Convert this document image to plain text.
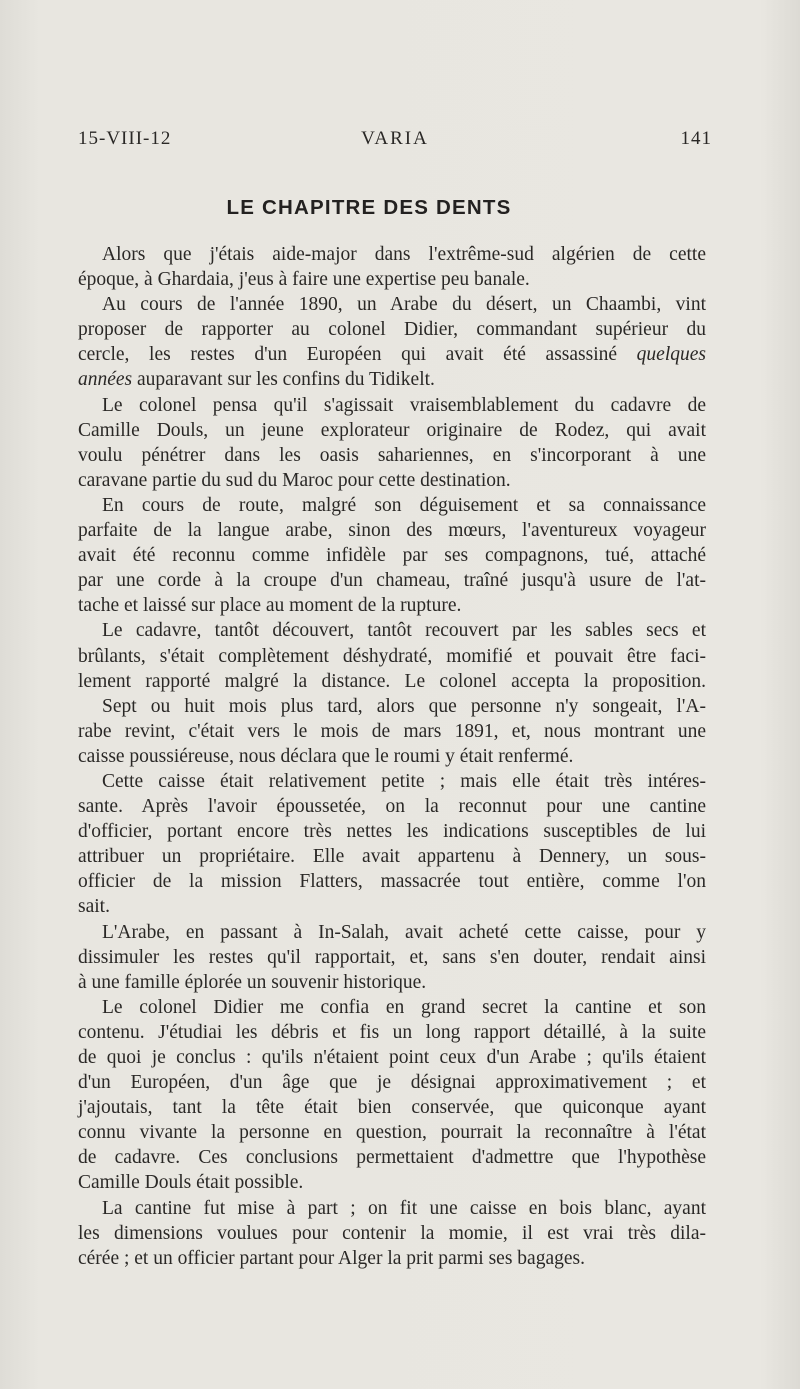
15-VIII-12	VARIA	141
LE CHAPITRE DES DENTS
Alors que j'étais aide-major dans l'extrême-sud algérien de cette
époque, à Ghardaia, j'eus à faire une expertise peu banale.
Au cours de l'année 1890, un Arabe du désert, un Chaambi, vint
proposer de rapporter au colonel Didier, commandant supérieur du
cercle, les restes d'un Européen qui avait été assassiné quelques
années auparavant sur les confins du Tidikelt.
Le colonel pensa qu'il s'agissait vraisemblablement du cadavre de
Camille Douls, un jeune explorateur originaire de Rodez, qui avait
voulu pénétrer dans les oasis sahariennes, en s'incorporant à une
caravane partie du sud du Maroc pour cette destination.
En cours de route, malgré son déguisement et sa connaissance
parfaite de la langue arabe, sinon des mœurs, l'aventureux voyageur
avait été reconnu comme infidèle par ses compagnons, tué, attaché
par une corde à la croupe d'un chameau, traîné jusqu'à usure de l'at-
tache et laissé sur place au moment de la rupture.
Le cadavre, tantôt découvert, tantôt recouvert par les sables secs et
brûlants, s'était complètement déshydraté, momifié et pouvait être faci-
lement rapporté malgré la distance. Le colonel accepta la proposition.
Sept ou huit mois plus tard, alors que personne n'y songeait, l'A-
rabe revint, c'était vers le mois de mars 1891, et, nous montrant une
caisse poussiéreuse, nous déclara que le roumi y était renfermé.
Cette caisse était relativement petite ; mais elle était très intéres-
sante. Après l'avoir époussetée, on la reconnut pour une cantine
d'officier, portant encore très nettes les indications susceptibles de lui
attribuer un propriétaire. Elle avait appartenu à Dennery, un sous-
officier de la mission Flatters, massacrée tout entière, comme l'on
sait.
L'Arabe, en passant à In-Salah, avait acheté cette caisse, pour y
dissimuler les restes qu'il rapportait, et, sans s'en douter, rendait ainsi
à une famille éplorée un souvenir historique.
Le colonel Didier me confia en grand secret la cantine et son
contenu. J'étudiai les débris et fis un long rapport détaillé, à la suite
de quoi je conclus : qu'ils n'étaient point ceux d'un Arabe ; qu'ils étaient
d'un Européen, d'un âge que je désignai approximativement ; et
j'ajoutais, tant la tête était bien conservée, que quiconque ayant
connu vivante la personne en question, pourrait la reconnaître à l'état
de cadavre. Ces conclusions permettaient d'admettre que l'hypothèse
Camille Douls était possible.
La cantine fut mise à part ; on fit une caisse en bois blanc, ayant
les dimensions voulues pour contenir la momie, il est vrai très dila-
cérée ; et un officier partant pour Alger la prit parmi ses bagages.
